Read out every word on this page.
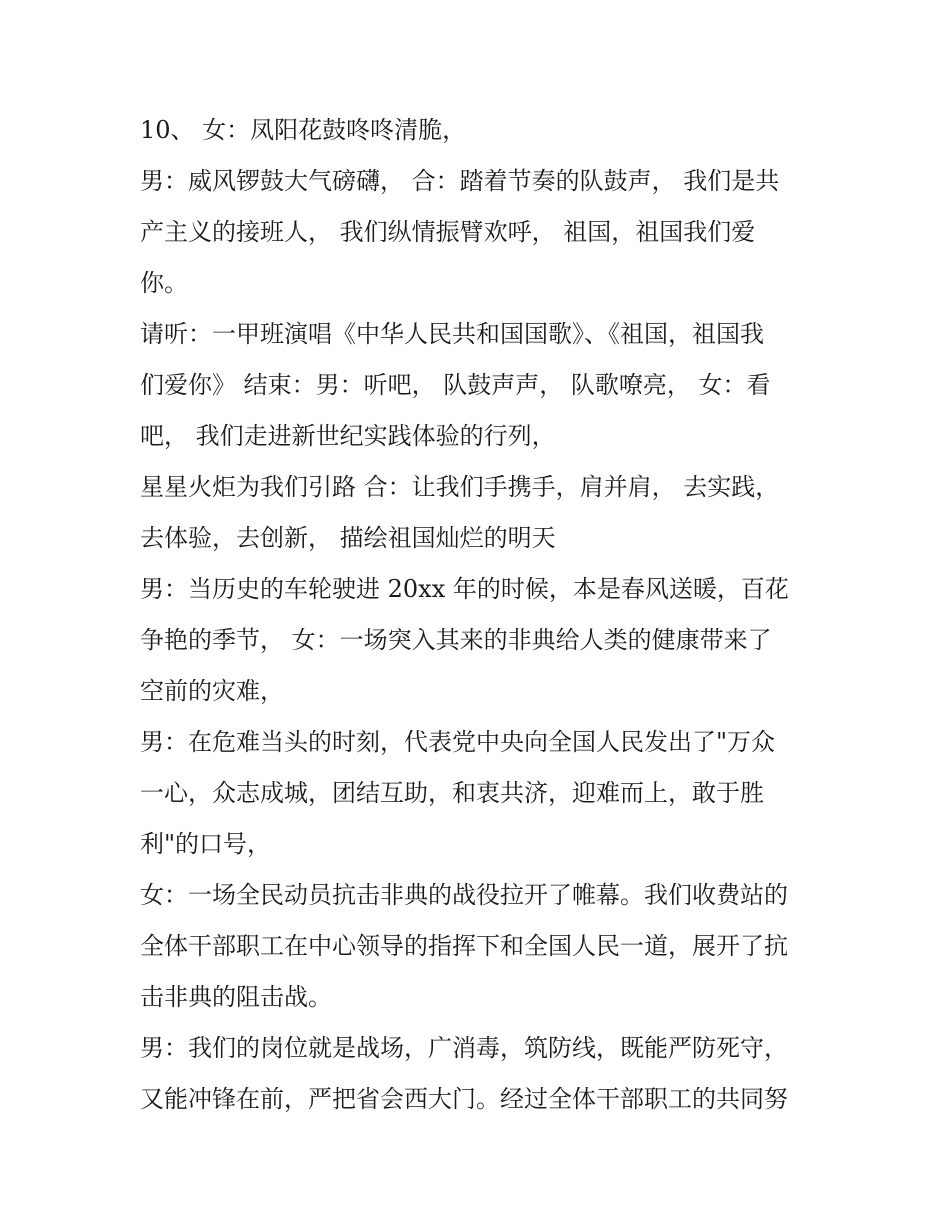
10、 女：凤阳花鼓咚咚清脆，
男：威风锣鼓大气磅礴， 合：踏着节奏的队鼓声， 我们是共
产主义的接班人， 我们纵情振臂欢呼， 祖国，祖国我们爱
你。
请听：一甲班演唱《中华人民共和国国歌》、《祖国，祖国我
们爱你》 结束：男：听吧， 队鼓声声， 队歌嘹亮， 女：看
吧， 我们走进新世纪实践体验的行列，
星星火炬为我们引路 合：让我们手携手，肩并肩， 去实践，
去体验，去创新， 描绘祖国灿烂的明天
男：当历史的车轮驶进 20xx 年的时候，本是春风送暖，百花
争艳的季节， 女：一场突入其来的非典给人类的健康带来了
空前的灾难，
男：在危难当头的时刻，代表党中央向全国人民发出了"万众
一心，众志成城，团结互助，和衷共济，迎难而上，敢于胜
利"的口号，
女：一场全民动员抗击非典的战役拉开了帷幕。我们收费站的
全体干部职工在中心领导的指挥下和全国人民一道，展开了抗
击非典的阻击战。
男：我们的岗位就是战场，广消毒，筑防线，既能严防死守，
又能冲锋在前，严把省会西大门。经过全体干部职工的共同努
